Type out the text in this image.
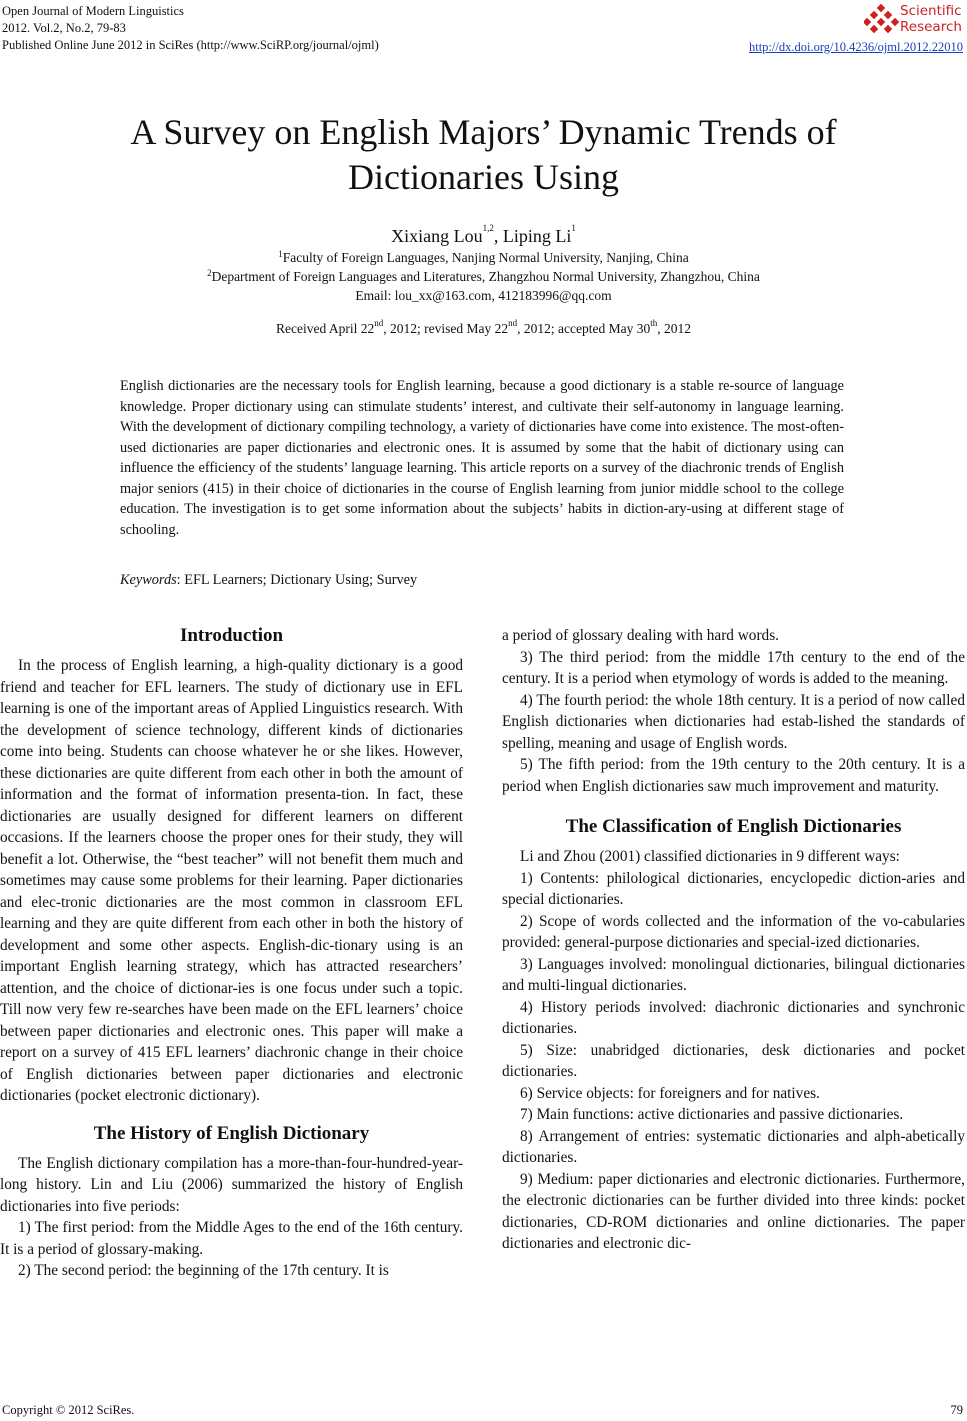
Open Journal of Modern Linguistics
2012. Vol.2, No.2, 79-83
Published Online June 2012 in SciRes (http://www.SciRP.org/journal/ojml)
Scientific
Research
http://dx.doi.org/10.4236/ojml.2012.22010
A Survey on English Majors’ Dynamic Trends of
Dictionaries Using
Xixiang Lou$^{1,2}$, Liping Li$^1$
$^1$Faculty of Foreign Languages, Nanjing Normal University, Nanjing, China
$^2$Department of Foreign Languages and Literatures, Zhangzhou Normal University, Zhangzhou, China
Email: lou_xx@163.com, 412183996@qq.com
Received April 22nd, 2012; revised May 22nd, 2012; accepted May 30th, 2012
English dictionaries are the necessary tools for English learning, because a good dictionary is a stable re-source of language knowledge. Proper dictionary using can stimulate students’ interest, and cultivate their self-autonomy in language learning. With the development of dictionary compiling technology, a variety of dictionaries have come into existence. The most-often-used dictionaries are paper dictionaries and electronic ones. It is assumed by some that the habit of dictionary using can influence the efficiency of the students’ language learning. This article reports on a survey of the diachronic trends of English major seniors (415) in their choice of dictionaries in the course of English learning from junior middle school to the college education. The investigation is to get some information about the subjects’ habits in diction-ary-using at different stage of schooling.
Keywords: EFL Learners; Dictionary Using; Survey
Introduction

In the process of English learning, a high-quality dictionary is a good friend and teacher for EFL learners. The study of dictionary use in EFL learning is one of the important areas of Applied Linguistics research. With the development of science technology, different kinds of dictionaries come into being. Students can choose whatever he or she likes. However, these dictionaries are quite different from each other in both the amount of information and the format of information presenta-tion. In fact, these dictionaries are usually designed for different learners on different occasions. If the learners choose the proper ones for their study, they will benefit a lot. Otherwise, the “best teacher” will not benefit them much and sometimes may cause some problems for their learning. Paper dictionaries and elec-tronic dictionaries are the most common in classroom EFL learning and they are quite different from each other in both the history of development and some other aspects. English-dic-tionary using is an important English learning strategy, which has attracted researchers’ attention, and the choice of dictionar-ies is one focus under such a topic. Till now very few re-searches have been made on the EFL learners’ choice between paper dictionaries and electronic ones. This paper will make a report on a survey of 415 EFL learners’ diachronic change in their choice of English dictionaries between paper dictionaries and electronic dictionaries (pocket electronic dictionary).

The History of English Dictionary

The English dictionary compilation has a more-than-four-hundred-year-long history. Lin and Liu (2006) summarized the history of English dictionaries into five periods:

1) The first period: from the Middle Ages to the end of the 16th century. It is a period of glossary-making.

2) The second period: the beginning of the 17th century. It is

a period of glossary dealing with hard words.

3) The third period: from the middle 17th century to the end of the century. It is a period when etymology of words is added to the meaning.

4) The fourth period: the whole 18th century. It is a period of now called English dictionaries when dictionaries had estab-lished the standards of spelling, meaning and usage of English words.

5) The fifth period: from the 19th century to the 20th century. It is a period when English dictionaries saw much improvement and maturity.

The Classification of English Dictionaries

Li and Zhou (2001) classified dictionaries in 9 different ways:

1) Contents: philological dictionaries, encyclopedic diction-aries and special dictionaries.

2) Scope of words collected and the information of the vo-cabularies provided: general-purpose dictionaries and special-ized dictionaries.

3) Languages involved: monolingual dictionaries, bilingual dictionaries and multi-lingual dictionaries.

4) History periods involved: diachronic dictionaries and synchronic dictionaries.

5) Size: unabridged dictionaries, desk dictionaries and pocket dictionaries.

6) Service objects: for foreigners and for natives.

7) Main functions: active dictionaries and passive dictionaries.

8) Arrangement of entries: systematic dictionaries and alph-abetically dictionaries.

9) Medium: paper dictionaries and electronic dictionaries. Furthermore, the electronic dictionaries can be further divided into three kinds: pocket dictionaries, CD-ROM dictionaries and online dictionaries. The paper dictionaries and electronic dic-

Copyright © 2012 SciRes.	79
